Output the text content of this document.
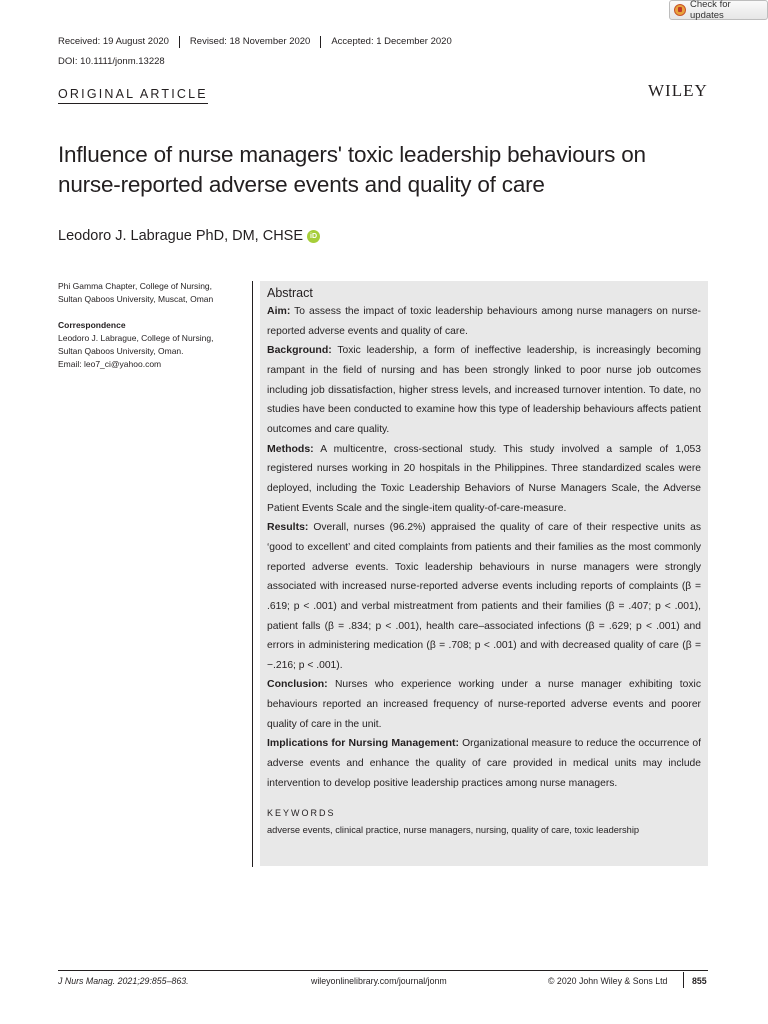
Check for updates
Received: 19 August 2020	Revised: 18 November 2020	Accepted: 1 December 2020
DOI: 10.1111/jonm.13228
ORIGINAL ARTICLE	WILEY
Influence of nurse managers' toxic leadership behaviours on nurse-reported adverse events and quality of care
Leodoro J. Labrague PhD, DM, CHSE	iD
Phi Gamma Chapter, College of Nursing,
Sultan Qaboos University, Muscat, Oman
Correspondence
Leodoro J. Labrague, College of Nursing,
Sultan Qaboos University, Oman.
Email: leo7_ci@yahoo.com
Abstract

Aim: To assess the impact of toxic leadership behaviours among nurse managers on nurse-reported adverse events and quality of care.

Background: Toxic leadership, a form of ineffective leadership, is increasingly becoming rampant in the field of nursing and has been strongly linked to poor nurse job outcomes including job dissatisfaction, higher stress levels, and increased turnover intention. To date, no studies have been conducted to examine how this type of leadership behaviours affects patient outcomes and care quality.

Methods: A multicentre, cross-sectional study. This study involved a sample of 1,053 registered nurses working in 20 hospitals in the Philippines. Three standardized scales were deployed, including the Toxic Leadership Behaviors of Nurse Managers Scale, the Adverse Patient Events Scale and the single-item quality-of-care-measure.

Results: Overall, nurses (96.2%) appraised the quality of care of their respective units as ‘good to excellent’ and cited complaints from patients and their families as the most commonly reported adverse events. Toxic leadership behaviours in nurse managers were strongly associated with increased nurse-reported adverse events including reports of complaints (β = .619; p < .001) and verbal mistreatment from patients and their families (β = .407; p < .001), patient falls (β = .834; p < .001), health care–associated infections (β = .629; p < .001) and errors in administering medication (β = .708; p < .001) and with decreased quality of care (β = −.216; p < .001).

Conclusion: Nurses who experience working under a nurse manager exhibiting toxic behaviours reported an increased frequency of nurse-reported adverse events and poorer quality of care in the unit.

Implications for Nursing Management: Organizational measure to reduce the occurrence of adverse events and enhance the quality of care provided in medical units may include intervention to develop positive leadership practices among nurse managers.

KEYWORDS
adverse events, clinical practice, nurse managers, nursing, quality of care, toxic leadership
J Nurs Manag. 2021;29:855–863.	wileyonlinelibrary.com/journal/jonm	© 2020 John Wiley & Sons Ltd	855
